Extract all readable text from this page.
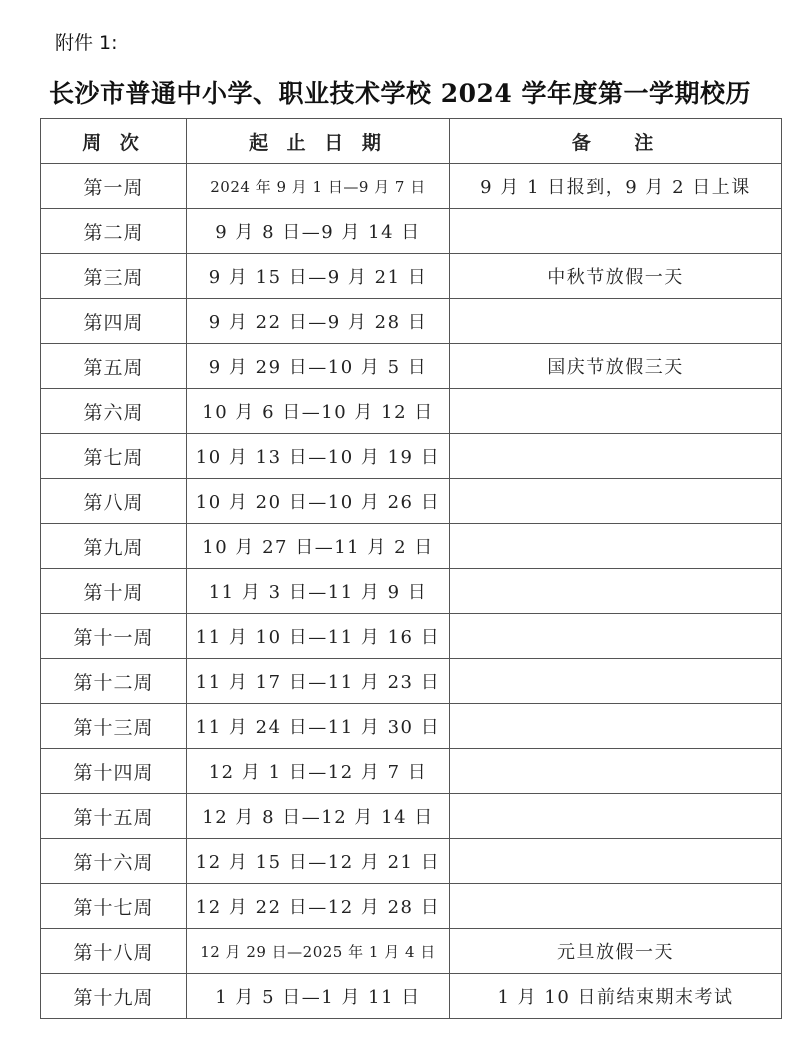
附件 1:
长沙市普通中小学、职业技术学校 2024 学年度第一学期校历
周 次	起 止 日 期	备　 注
第一周	2024 年 9 月 1 日—9 月 7 日	9 月 1 日报到，9 月 2 日上课
第二周	9 月 8 日—9 月 14 日	
第三周	9 月 15 日—9 月 21 日	中秋节放假一天
第四周	9 月 22 日—9 月 28 日	
第五周	9 月 29 日—10 月 5 日	国庆节放假三天
第六周	10 月 6 日—10 月 12 日	
第七周	10 月 13 日—10 月 19 日	
第八周	10 月 20 日—10 月 26 日	
第九周	10 月 27 日—11 月 2 日	
第十周	11 月 3 日—11 月 9 日	
第十一周	11 月 10 日—11 月 16 日	
第十二周	11 月 17 日—11 月 23 日	
第十三周	11 月 24 日—11 月 30 日	
第十四周	12 月 1 日—12 月 7 日	
第十五周	12 月 8 日—12 月 14 日	
第十六周	12 月 15 日—12 月 21 日	
第十七周	12 月 22 日—12 月 28 日	
第十八周	12 月 29 日—2025 年 1 月 4 日	元旦放假一天
第十九周	1 月 5 日—1 月 11 日	1 月 10 日前结束期末考试
